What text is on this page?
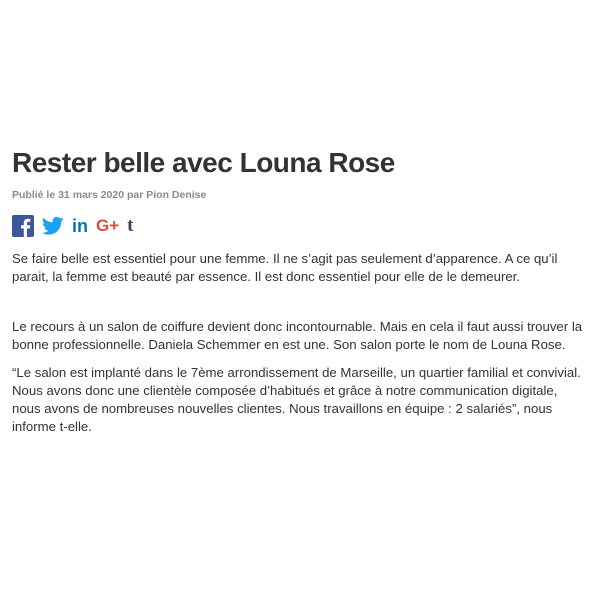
Rester belle avec Louna Rose
Publié le 31 mars 2020 par Pion Denise
in G+ t

Se faire belle est essentiel pour une femme. Il ne s’agit pas seulement d’apparence. A ce qu’il parait, la femme est beauté par essence. Il est donc essentiel pour elle de le demeurer.

Le recours à un salon de coiffure devient donc incontournable. Mais en cela il faut aussi trouver la bonne professionnelle. Daniela Schemmer en est une. Son salon porte le nom de Louna Rose.

“Le salon est implanté dans le 7ème arrondissement de Marseille, un quartier familial et convivial. Nous avons donc une clientèle composée d’habitués et grâce à notre communication digitale, nous avons de nombreuses nouvelles clientes. Nous travaillons en équipe : 2 salariés”, nous informe t-elle.
